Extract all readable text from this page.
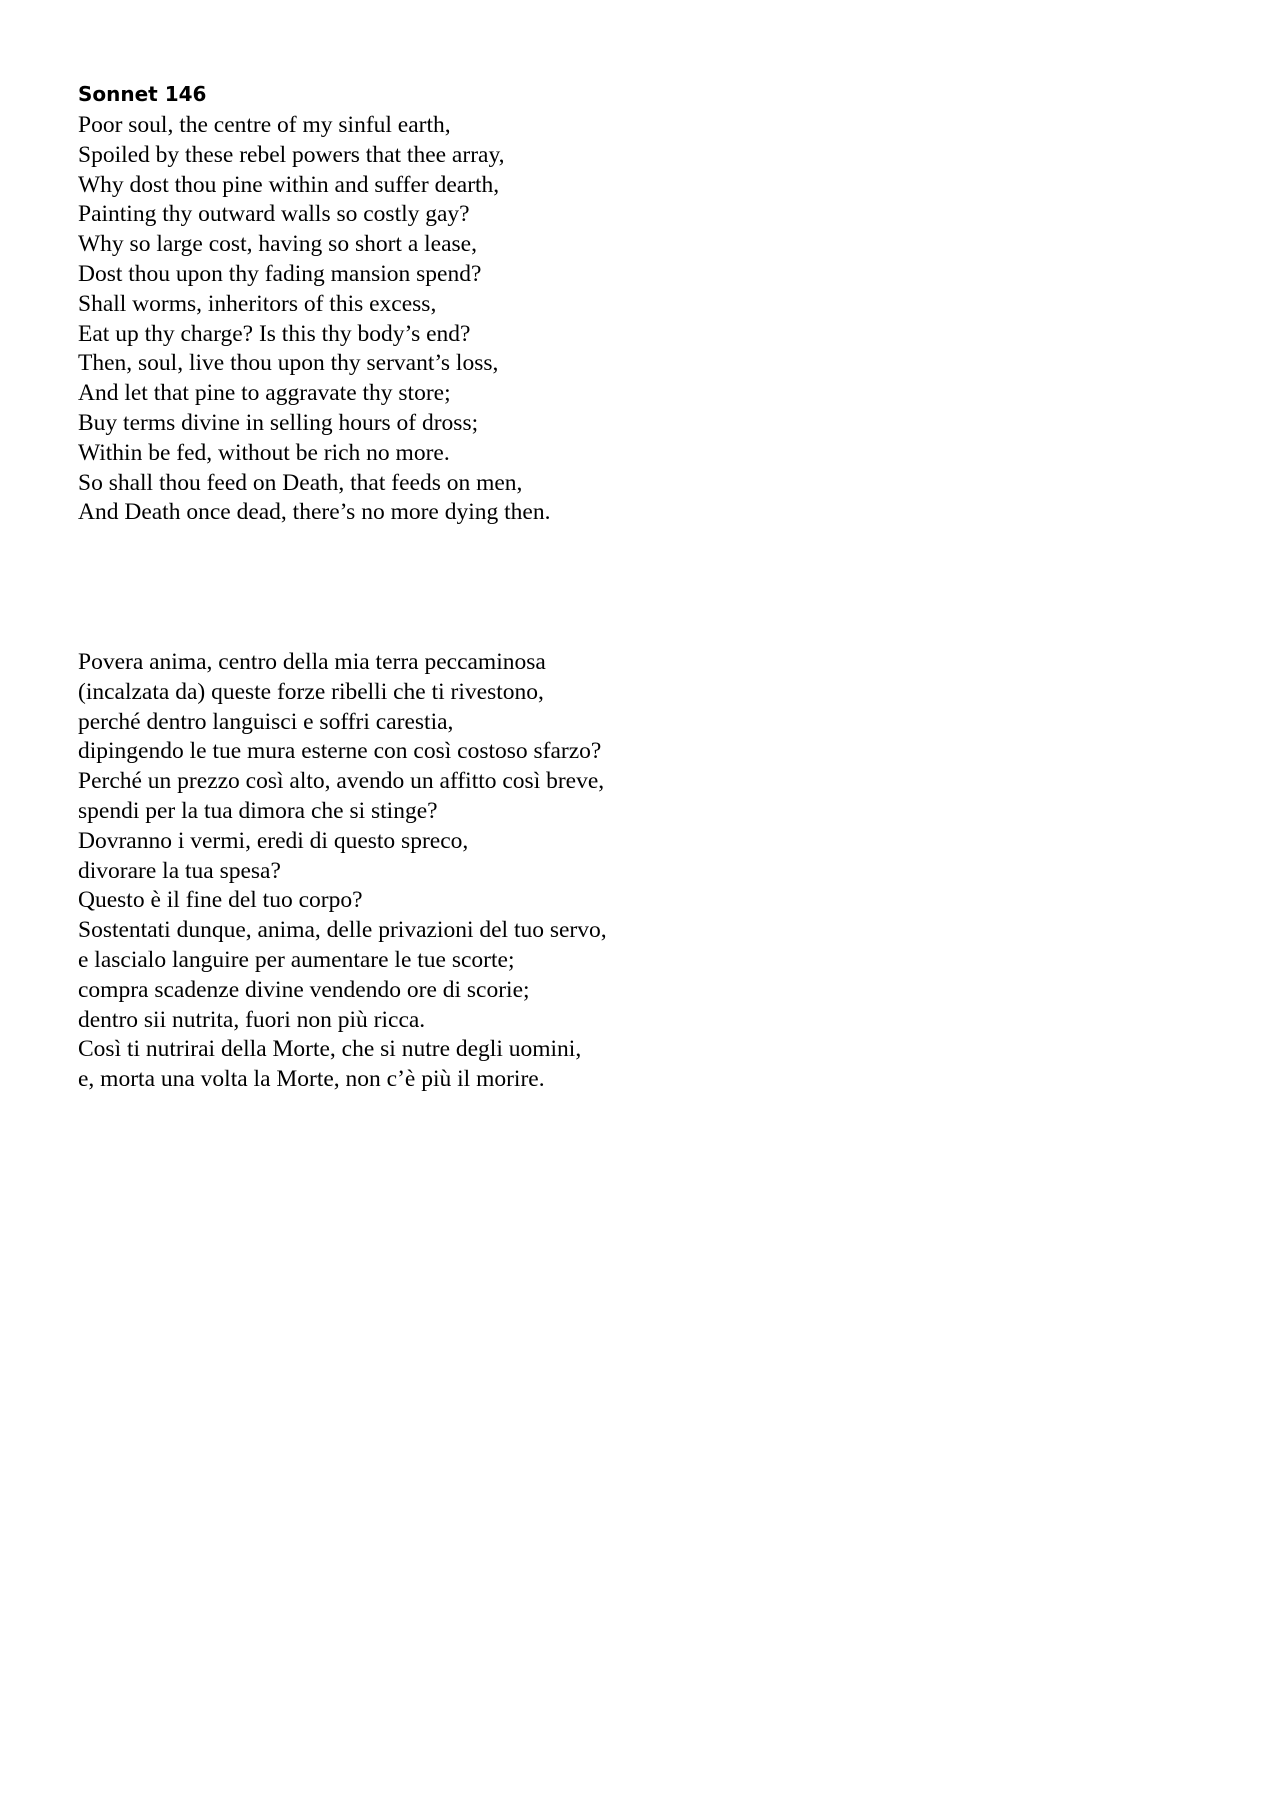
Sonnet 146
Poor soul, the centre of my sinful earth,
Spoiled by these rebel powers that thee array,
Why dost thou pine within and suffer dearth,
Painting thy outward walls so costly gay?
Why so large cost, having so short a lease,
Dost thou upon thy fading mansion spend?
Shall worms, inheritors of this excess,
Eat up thy charge? Is this thy body’s end?
Then, soul, live thou upon thy servant’s loss,
And let that pine to aggravate thy store;
Buy terms divine in selling hours of dross;
Within be fed, without be rich no more.
So shall thou feed on Death, that feeds on men,
And Death once dead, there’s no more dying then.
Povera anima, centro della mia terra peccaminosa
(incalzata da) queste forze ribelli che ti rivestono,
perché dentro languisci e soffri carestia,
dipingendo le tue mura esterne con così costoso sfarzo?
Perché un prezzo così alto, avendo un affitto così breve,
spendi per la tua dimora che si stinge?
Dovranno i vermi, eredi di questo spreco,
divorare la tua spesa?
Questo è il fine del tuo corpo?
Sostentati dunque, anima, delle privazioni del tuo servo,
e lascialo languire per aumentare le tue scorte;
compra scadenze divine vendendo ore di scorie;
dentro sii nutrita, fuori non più ricca.
Così ti nutrirai della Morte, che si nutre degli uomini,
e, morta una volta la Morte, non c’è più il morire.
